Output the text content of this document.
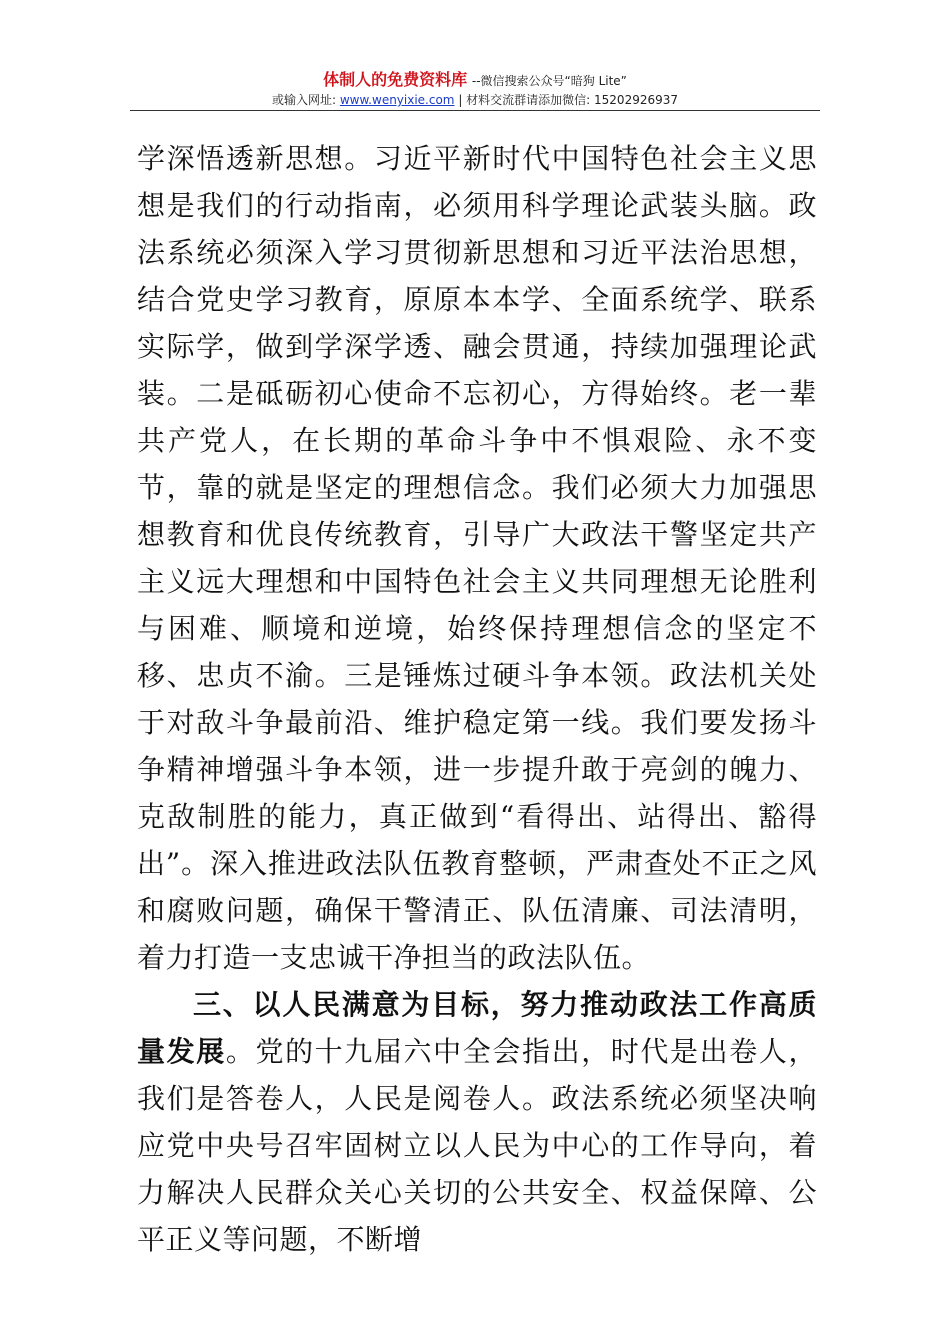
体制人的免费资料库 --微信搜索公众号“暗狗 Lite”
或输入网址: www.wenyixie.com | 材料交流群请添加微信: 15202926937

学深悟透新思想。习近平新时代中国特色社会主义思想是我们的行动指南，必须用科学理论武装头脑。政法系统必须深入学习贯彻新思想和习近平法治思想，结合党史学习教育，原原本本学、全面系统学、联系实际学，做到学深学透、融会贯通，持续加强理论武装。二是砥砺初心使命不忘初心，方得始终。老一辈共产党人，在长期的革命斗争中不惧艰险、永不变节，靠的就是坚定的理想信念。我们必须大力加强思想教育和优良传统教育，引导广大政法干警坚定共产主义远大理想和中国特色社会主义共同理想无论胜利与困难、顺境和逆境，始终保持理想信念的坚定不移、忠贞不渝。三是锤炼过硬斗争本领。政法机关处于对敌斗争最前沿、维护稳定第一线。我们要发扬斗争精神增强斗争本领，进一步提升敢于亮剑的魄力、克敌制胜的能力，真正做到“看得出、站得出、豁得出”。深入推进政法队伍教育整顿，严肃查处不正之风和腐败问题，确保干警清正、队伍清廉、司法清明，着力打造一支忠诚干净担当的政法队伍。

三、以人民满意为目标，努力推动政法工作高质量发展。党的十九届六中全会指出，时代是出卷人，我们是答卷人，人民是阅卷人。政法系统必须坚决响应党中央号召牢固树立以人民为中心的工作导向，着力解决人民群众关心关切的公共安全、权益保障、公平正义等问题，不断增
